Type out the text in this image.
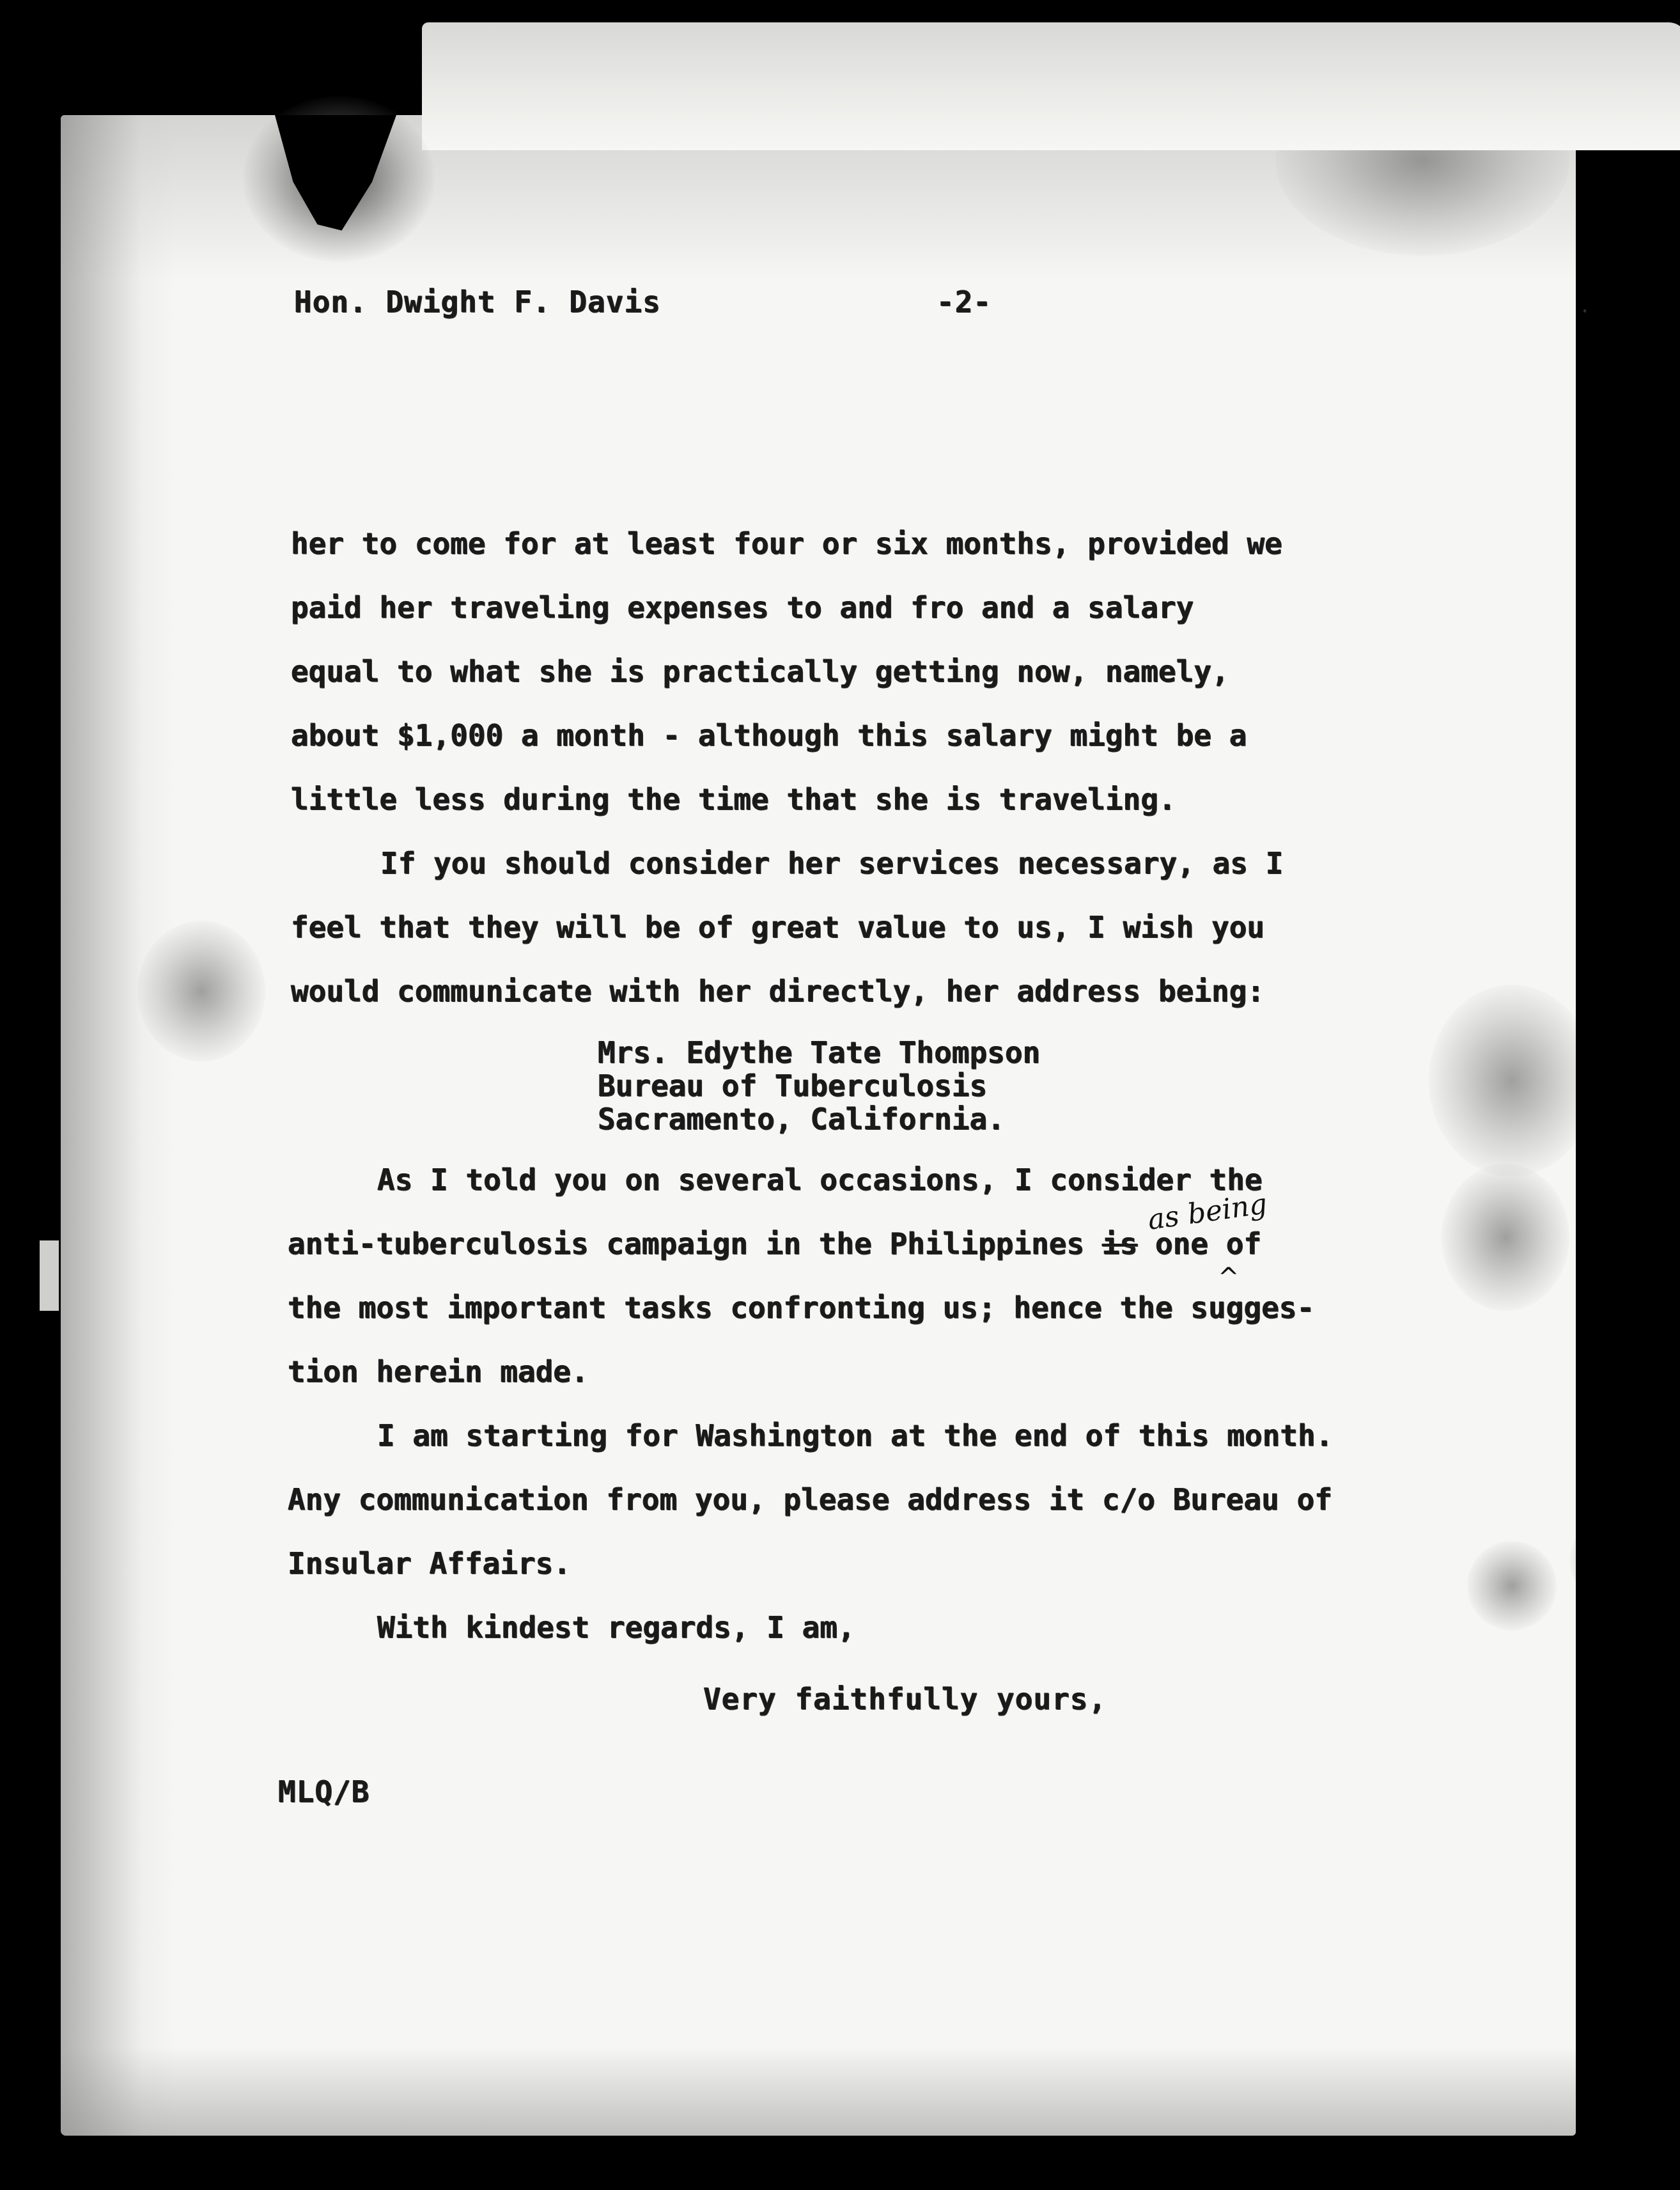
·
Hon. Dwight F. Davis	-2-
her to come for at least four or six months, provided we
paid her traveling expenses to and fro and a salary
equal to what she is practically getting now, namely,
about $1,000 a month - although this salary might be a
little less during the time that she is traveling.
If you should consider her services necessary, as I
feel that they will be of great value to us, I wish you
would communicate with her directly, her address being:
Mrs. Edythe Tate Thompson
Bureau of Tuberculosis
Sacramento, California.
As I told you on several occasions, I consider the
anti-tuberculosis campaign in the Philippines is one of
the most important tasks confronting us; hence the sugges-
tion herein made.
I am starting for Washington at the end of this month.
Any communication from you, please address it c/o Bureau of
Insular Affairs.
With kindest regards, I am,
as being
^
Very faithfully yours,
MLQ/B
